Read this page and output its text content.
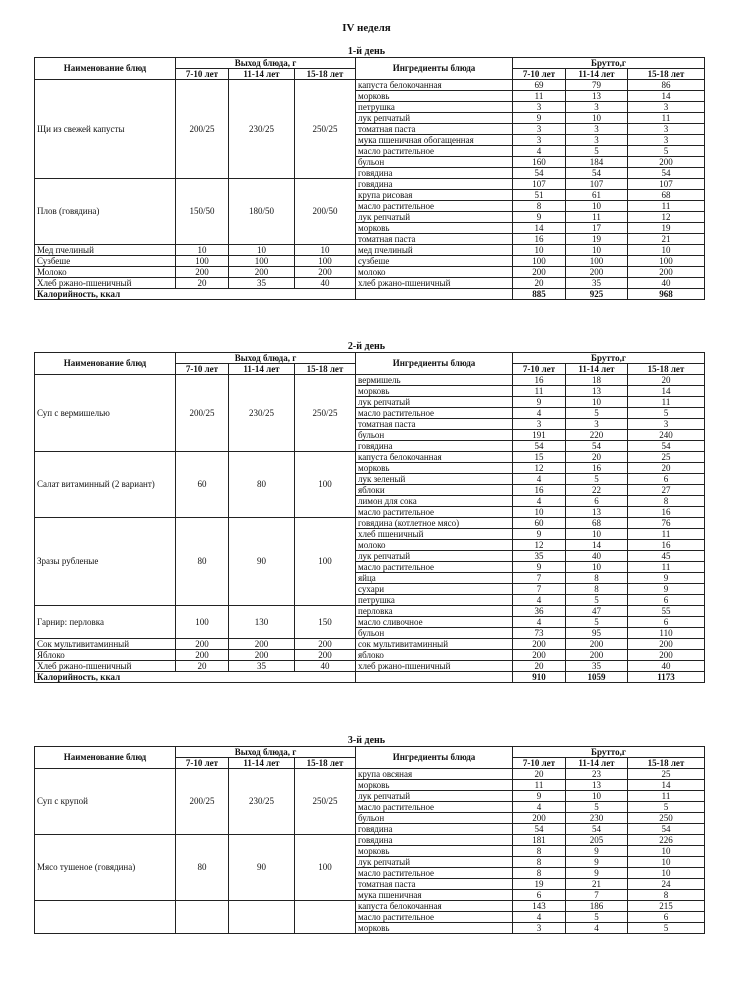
IV неделя
1-й день
Наименование блюд	Выход блюда, г			Ингредиенты блюда	Брутто,г		
	7-10 лет	11-14 лет	15-18 лет		7-10 лет	11-14 лет	15-18 лет
Щи из свежей капусты	200/25	230/25	250/25	капуста белокочанная	69	79	86
				морковь	11	13	14
				петрушка	3	3	3
				лук репчатый	9	10	11
				томатная паста	3	3	3
				мука пшеничная обогащенная	3	3	3
				масло растительное	4	5	5
				бульон	160	184	200
				говядина	54	54	54
Плов (говядина)	150/50	180/50	200/50	говядина	107	107	107
				крупа рисовая	51	61	68
				масло растительное	8	10	11
				лук репчатый	9	11	12
				морковь	14	17	19
				томатная паста	16	19	21
Мед пчелиный	10	10	10	мед пчелиный	10	10	10
Сузбеше	100	100	100	сузбеше	100	100	100
Молоко	200	200	200	молоко	200	200	200
Хлеб ржано-пшеничный	20	35	40	хлеб ржано-пшеничный	20	35	40
Калорийность, ккал					885	925	968
2-й день
Наименование блюд	Выход блюда, г			Ингредиенты блюда	Брутто,г		
	7-10 лет	11-14 лет	15-18 лет		7-10 лет	11-14 лет	15-18 лет
Суп с вермишелью	200/25	230/25	250/25	вермишель	16	18	20
				морковь	11	13	14
				лук репчатый	9	10	11
				масло растительное	4	5	5
				томатная паста	3	3	3
				бульон	191	220	240
				говядина	54	54	54
Салат витаминный (2 вариант)	60	80	100	капуста белокочанная	15	20	25
				морковь	12	16	20
				лук зеленый	4	5	6
				яблоки	16	22	27
				лимон для сока	4	6	8
				масло растительное	10	13	16
Зразы рубленые	80	90	100	говядина (котлетное мясо)	60	68	76
				хлеб пшеничный	9	10	11
				молоко	12	14	16
				лук репчатый	35	40	45
				масло растительное	9	10	11
				яйца	7	8	9
				сухари	7	8	9
				петрушка	4	5	6
Гарнир: перловка	100	130	150	перловка	36	47	55
				масло сливочное	4	5	6
				бульон	73	95	110
Сок мультивитаминный	200	200	200	сок мультивитаминный	200	200	200
Яблоко	200	200	200	яблоко	200	200	200
Хлеб ржано-пшеничный	20	35	40	хлеб ржано-пшеничный	20	35	40
Калорийность, ккал					910	1059	1173
3-й день
Наименование блюд	Выход блюда, г			Ингредиенты блюда	Брутто,г		
	7-10 лет	11-14 лет	15-18 лет		7-10 лет	11-14 лет	15-18 лет
Суп с крупой	200/25	230/25	250/25	крупа овсяная	20	23	25
				морковь	11	13	14
				лук репчатый	9	10	11
				масло растительное	4	5	5
				бульон	200	230	250
				говядина	54	54	54
Мясо тушеное (говядина)	80	90	100	говядина	181	205	226
				морковь	8	9	10
				лук репчатый	8	9	10
				масло растительное	8	9	10
				томатная паста	19	21	24
				мука пшеничная	6	7	8
				капуста белокочанная	143	186	215
				масло растительное	4	5	6
				морковь	3	4	5
